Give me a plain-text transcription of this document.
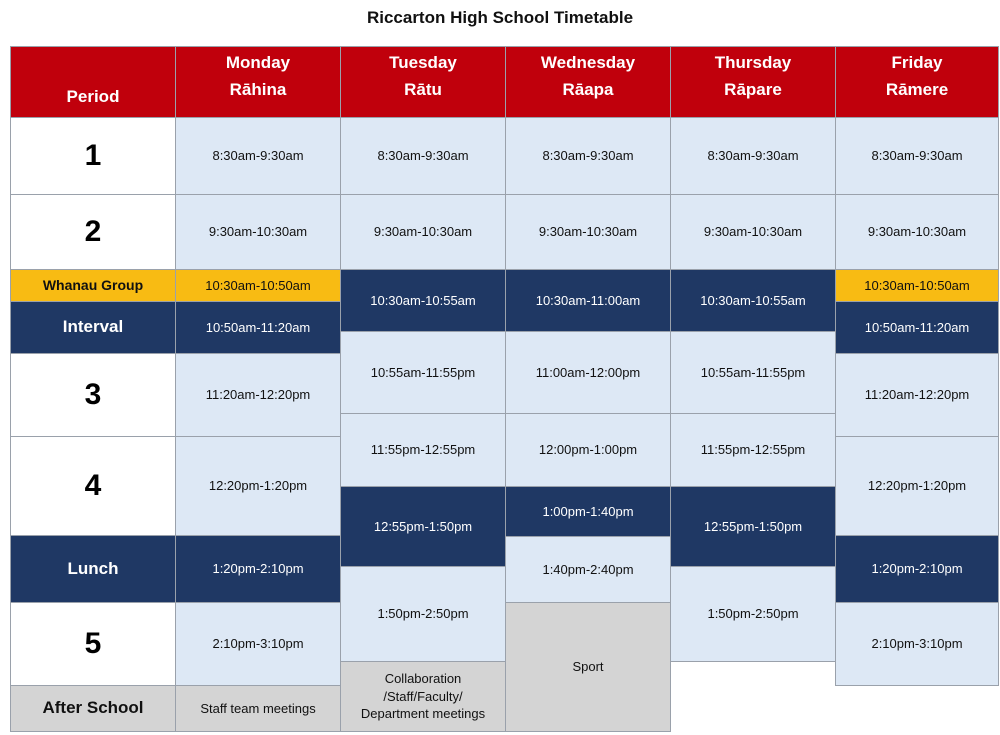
Riccarton High School Timetable
Period
Monday
Rāhina
Tuesday
Rātu
Wednesday
Rāapa
Thursday
Rāpare
Friday
Rāmere
1
2
Whanau Group
Interval
3
4
Lunch
5
After School
8:30am-9:30am
9:30am-10:30am
10:30am-10:50am
10:50am-11:20am
11:20am-12:20pm
12:20pm-1:20pm
1:20pm-2:10pm
2:10pm-3:10pm
Staff team meetings
8:30am-9:30am
9:30am-10:30am
10:30am-10:55am
10:55am-11:55pm
11:55pm-12:55pm
12:55pm-1:50pm
1:50pm-2:50pm
Collaboration
/Staff/Faculty/
Department meetings
8:30am-9:30am
9:30am-10:30am
10:30am-11:00am
11:00am-12:00pm
12:00pm-1:00pm
1:00pm-1:40pm
1:40pm-2:40pm
Sport
8:30am-9:30am
9:30am-10:30am
10:30am-10:55am
10:55am-11:55pm
11:55pm-12:55pm
12:55pm-1:50pm
1:50pm-2:50pm
8:30am-9:30am
9:30am-10:30am
10:30am-10:50am
10:50am-11:20am
11:20am-12:20pm
12:20pm-1:20pm
1:20pm-2:10pm
2:10pm-3:10pm
